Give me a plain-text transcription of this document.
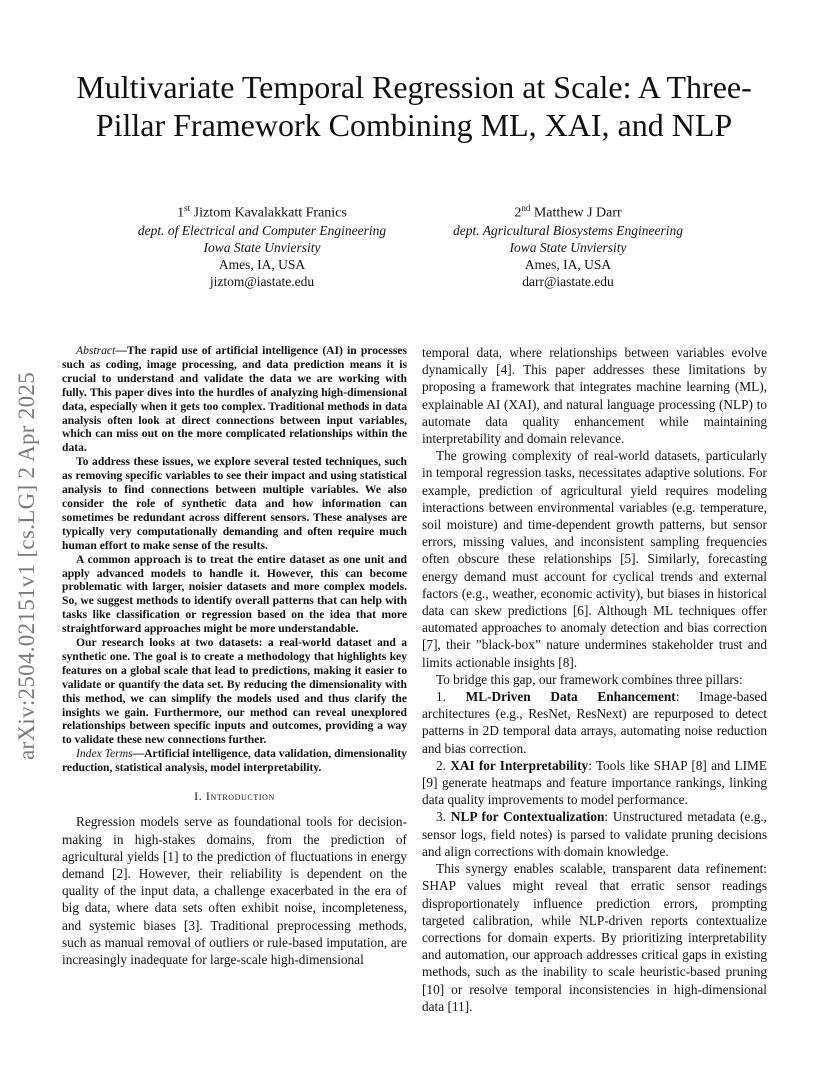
arXiv:2504.02151v1 [cs.LG] 2 Apr 2025
Multivariate Temporal Regression at Scale: A Three-Pillar Framework Combining ML, XAI, and NLP
1st Jiztom Kavalakkatt Franics
dept. of Electrical and Computer Engineering
Iowa State Unviersity
Ames, IA, USA
jiztom@iastate.edu
2nd Matthew J Darr
dept. Agricultural Biosystems Engineering
Iowa State Unviersity
Ames, IA, USA
darr@iastate.edu

Abstract—The rapid use of artificial intelligence (AI) in processes such as coding, image processing, and data prediction means it is crucial to understand and validate the data we are working with fully. This paper dives into the hurdles of analyzing high-dimensional data, especially when it gets too complex. Traditional methods in data analysis often look at direct connections between input variables, which can miss out on the more complicated relationships within the data.

To address these issues, we explore several tested techniques, such as removing specific variables to see their impact and using statistical analysis to find connections between multiple variables. We also consider the role of synthetic data and how information can sometimes be redundant across different sensors. These analyses are typically very computationally demanding and often require much human effort to make sense of the results.

A common approach is to treat the entire dataset as one unit and apply advanced models to handle it. However, this can become problematic with larger, noisier datasets and more complex models. So, we suggest methods to identify overall patterns that can help with tasks like classification or regression based on the idea that more straightforward approaches might be more understandable.

Our research looks at two datasets: a real-world dataset and a synthetic one. The goal is to create a methodology that highlights key features on a global scale that lead to predictions, making it easier to validate or quantify the data set. By reducing the dimensionality with this method, we can simplify the models used and thus clarify the insights we gain. Furthermore, our method can reveal unexplored relationships between specific inputs and outcomes, providing a way to validate these new connections further.

Index Terms—Artificial intelligence, data validation, dimensionality reduction, statistical analysis, model interpretability.

I. Introduction

Regression models serve as foundational tools for decision-making in high-stakes domains, from the prediction of agricultural yields [1] to the prediction of fluctuations in energy demand [2]. However, their reliability is dependent on the quality of the input data, a challenge exacerbated in the era of big data, where data sets often exhibit noise, incompleteness, and systemic biases [3]. Traditional preprocessing methods, such as manual removal of outliers or rule-based imputation, are increasingly inadequate for large-scale high-dimensional

temporal data, where relationships between variables evolve dynamically [4]. This paper addresses these limitations by proposing a framework that integrates machine learning (ML), explainable AI (XAI), and natural language processing (NLP) to automate data quality enhancement while maintaining interpretability and domain relevance.

The growing complexity of real-world datasets, particularly in temporal regression tasks, necessitates adaptive solutions. For example, prediction of agricultural yield requires modeling interactions between environmental variables (e.g. temperature, soil moisture) and time-dependent growth patterns, but sensor errors, missing values, and inconsistent sampling frequencies often obscure these relationships [5]. Similarly, forecasting energy demand must account for cyclical trends and external factors (e.g., weather, economic activity), but biases in historical data can skew predictions [6]. Although ML techniques offer automated approaches to anomaly detection and bias correction [7], their ”black-box” nature undermines stakeholder trust and limits actionable insights [8].

To bridge this gap, our framework combines three pillars:

1. ML-Driven Data Enhancement: Image-based architectures (e.g., ResNet, ResNext) are repurposed to detect patterns in 2D temporal data arrays, automating noise reduction and bias correction.

2. XAI for Interpretability: Tools like SHAP [8] and LIME [9] generate heatmaps and feature importance rankings, linking data quality improvements to model performance.

3. NLP for Contextualization: Unstructured metadata (e.g., sensor logs, field notes) is parsed to validate pruning decisions and align corrections with domain knowledge.

This synergy enables scalable, transparent data refinement: SHAP values might reveal that erratic sensor readings disproportionately influence prediction errors, prompting targeted calibration, while NLP-driven reports contextualize corrections for domain experts. By prioritizing interpretability and automation, our approach addresses critical gaps in existing methods, such as the inability to scale heuristic-based pruning [10] or resolve temporal inconsistencies in high-dimensional data [11].
